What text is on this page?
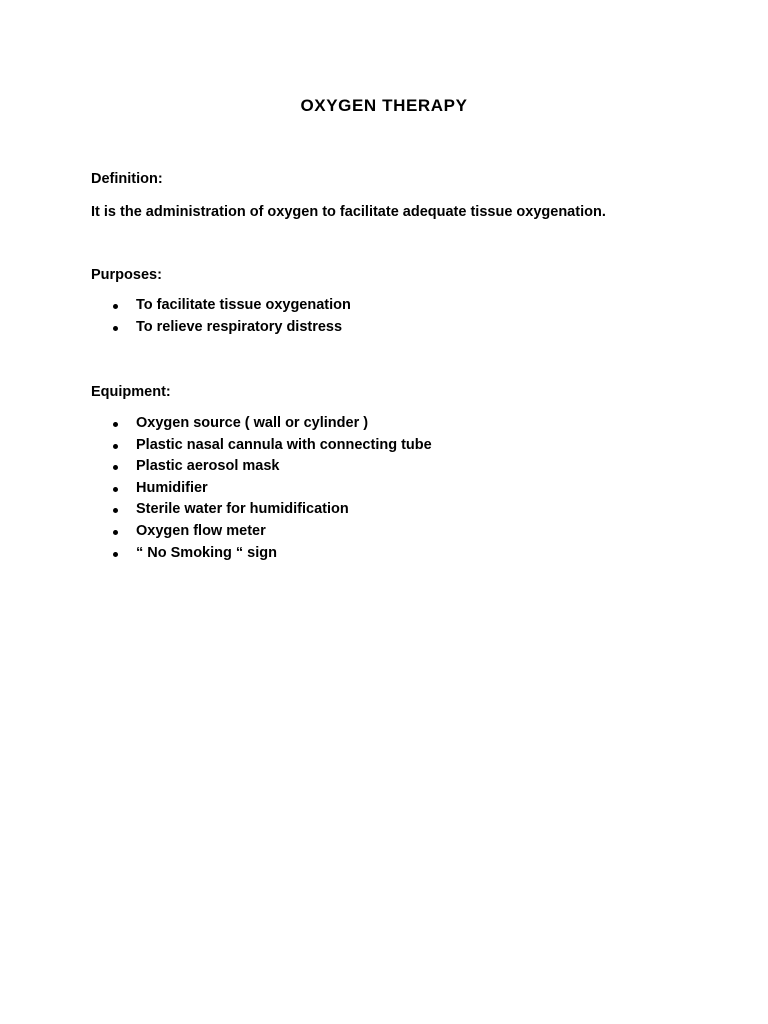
OXYGEN THERAPY

Definition:

It is the administration of oxygen to facilitate adequate tissue oxygenation.

Purposes:

To facilitate tissue oxygenation
To relieve respiratory distress

Equipment:

Oxygen source ( wall or cylinder )
Plastic nasal cannula with connecting tube
Plastic aerosol mask
Humidifier
Sterile water for humidification
Oxygen flow meter
“ No Smoking “ sign
